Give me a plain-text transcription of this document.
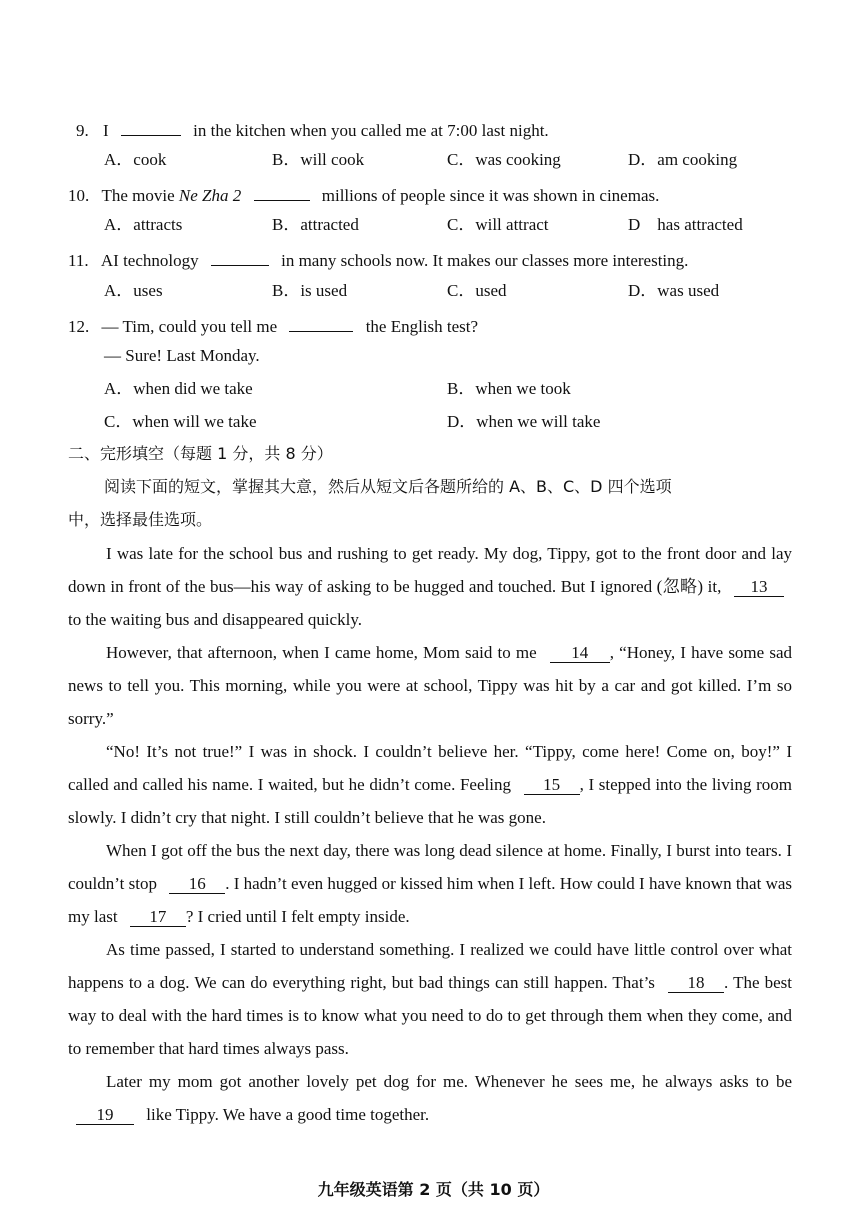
9. I	in the kitchen when you called me at 7:00 last night.
A．cook	B．will cook	C．was cooking	D．am cooking
10. The movie Ne Zha 2	millions of people since it was shown in cinemas.
A．attracts	B．attracted	C．will attract	D　has attracted
11. AI technology	in many schools now. It makes our classes more interesting.
A．uses	B．is used	C．used	D．was used
12. — Tim, could you tell me	the English test?
— Sure! Last Monday.
A．when did we take	B．when we took
C．when will we take	D．when we will take
二、完形填空（每题 1 分，共 8 分）
阅读下面的短文，掌握其大意，然后从短文后各题所给的 A、B、C、D 四个选项
中，选择最佳选项。
I was late for the school bus and rushing to get ready. My dog, Tippy, got to the front door and lay down in front of the bus—his way of asking to be hugged and touched. But I ignored (忽略) it, 13 to the waiting bus and disappeared quickly.
However, that afternoon, when I came home, Mom said to me 14 , “Honey, I have some sad news to tell you. This morning, while you were at school, Tippy was hit by a car and got killed. I’m so sorry.”
“No! It’s not true!” I was in shock. I couldn’t believe her. “Tippy, come here! Come on, boy!” I called and called his name. I waited, but he didn’t come. Feeling 15 , I stepped into the living room slowly. I didn’t cry that night. I still couldn’t believe that he was gone.
When I got off the bus the next day, there was long dead silence at home. Finally, I burst into tears. I couldn’t stop 16 . I hadn’t even hugged or kissed him when I left. How could I have known that was my last 17 ? I cried until I felt empty inside.
As time passed, I started to understand something. I realized we could have little control over what happens to a dog. We can do everything right, but bad things can still happen. That’s 18 . The best way to deal with the hard times is to know what you need to do to get through them when they come, and to remember that hard times always pass.
Later my mom got another lovely pet dog for me. Whenever he sees me, he always asks to be 19 like Tippy. We have a good time together.
九年级英语第 2 页（共 10 页）
